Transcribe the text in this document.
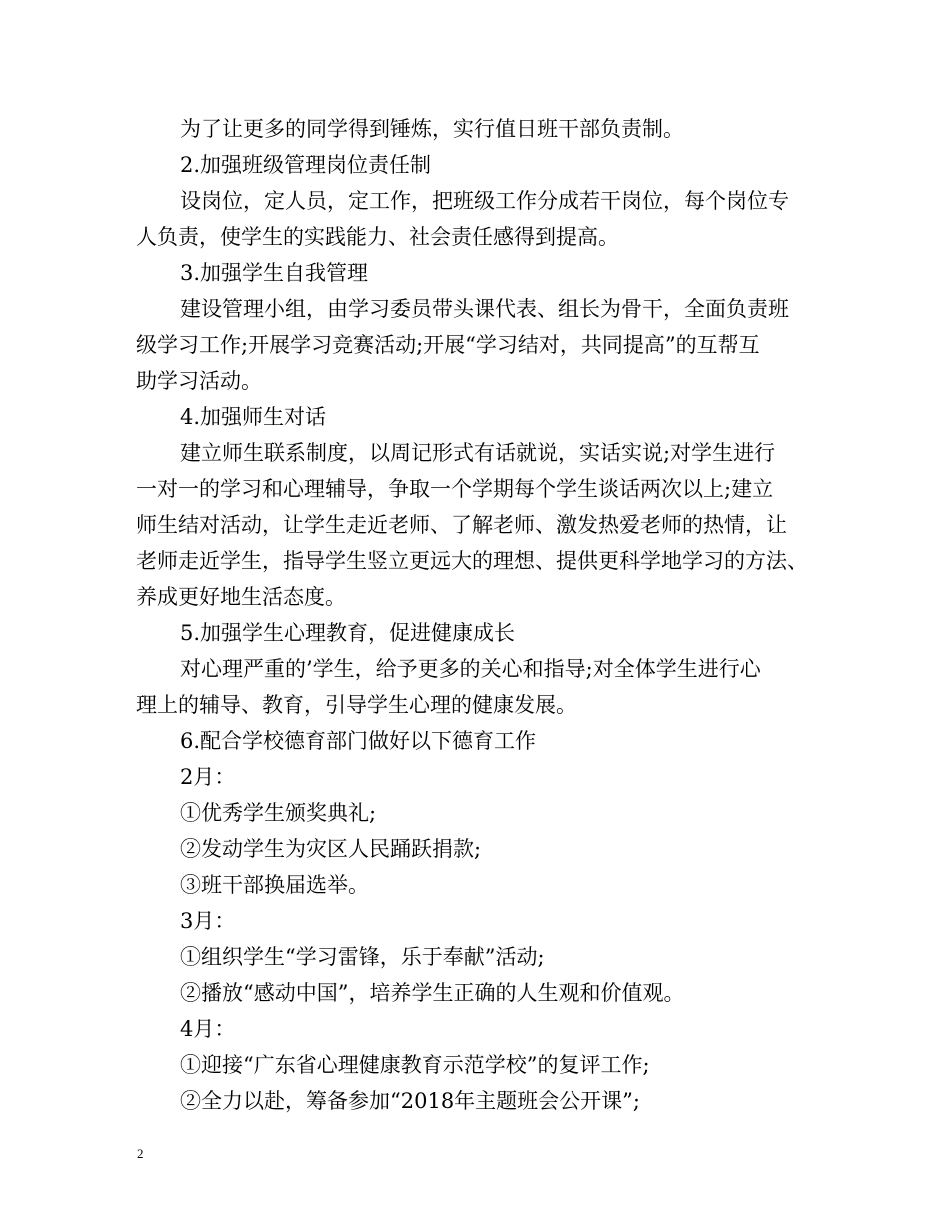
为了让更多的同学得到锤炼，实行值日班干部负责制。

2.加强班级管理岗位责任制

设岗位，定人员，定工作，把班级工作分成若干岗位，每个岗位专

人负责，使学生的实践能力、社会责任感得到提高。

3.加强学生自我管理

建设管理小组，由学习委员带头课代表、组长为骨干，全面负责班

级学习工作;开展学习竞赛活动;开展“学习结对，共同提高”的互帮互

助学习活动。

4.加强师生对话

建立师生联系制度，以周记形式有话就说，实话实说;对学生进行

一对一的学习和心理辅导，争取一个学期每个学生谈话两次以上;建立

师生结对活动，让学生走近老师、了解老师、激发热爱老师的热情，让

老师走近学生，指导学生竖立更远大的理想、提供更科学地学习的方法、

养成更好地生活态度。

5.加强学生心理教育，促进健康成长

对心理严重的’学生，给予更多的关心和指导;对全体学生进行心

理上的辅导、教育，引导学生心理的健康发展。

6.配合学校德育部门做好以下德育工作

2月：

①优秀学生颁奖典礼;

②发动学生为灾区人民踊跃捐款;

③班干部换届选举。

3月：

①组织学生“学习雷锋，乐于奉献”活动;

②播放“感动中国”，培养学生正确的人生观和价值观。

4月：

①迎接“广东省心理健康教育示范学校”的复评工作;

②全力以赴，筹备参加“2018年主题班会公开课”;

2
